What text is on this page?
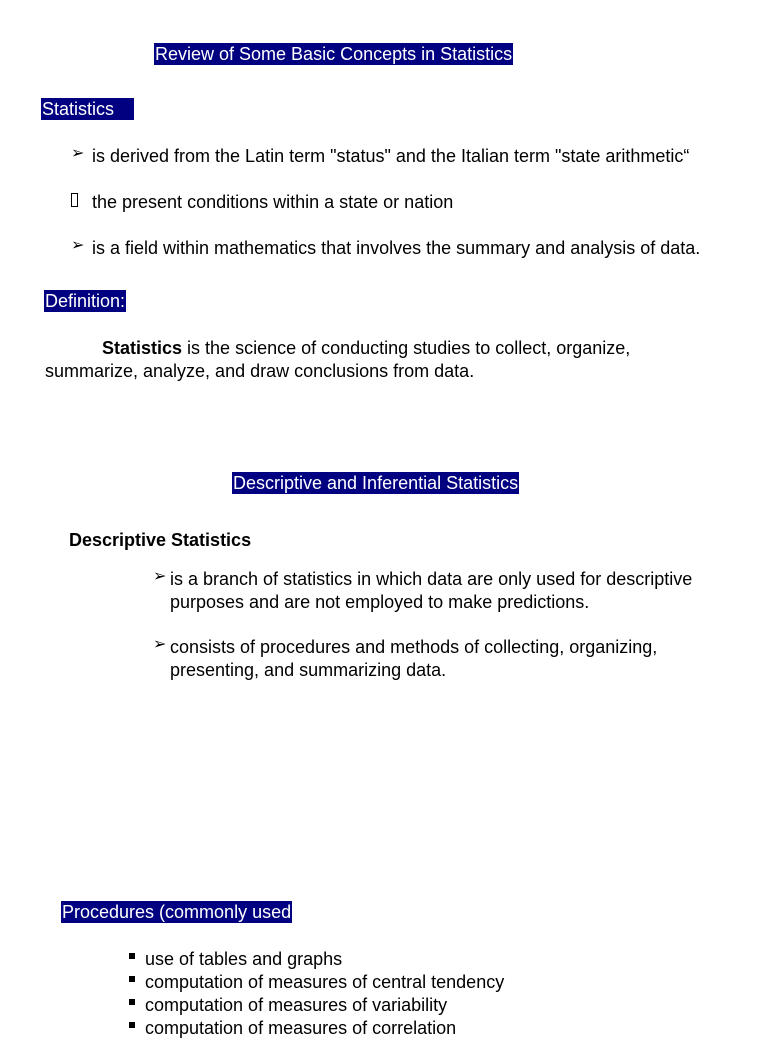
Review of Some Basic Concepts in Statistics
Statistics
➢ is derived from the Latin term "status" and the Italian term "state arithmetic“
the present conditions within a state or nation
➢ is a field within mathematics that involves the summary and analysis of data.
Definition:
Statistics is the science of conducting studies to collect, organize,
summarize, analyze, and draw conclusions from data.
Descriptive and Inferential Statistics
Descriptive Statistics
➢ is a branch of statistics in which data are only used for descriptive
purposes and are not employed to make predictions.
➢ consists of procedures and methods of collecting, organizing,
presenting, and summarizing data.
Procedures (commonly used
use of tables and graphs
computation of measures of central tendency
computation of measures of variability
computation of measures of correlation
